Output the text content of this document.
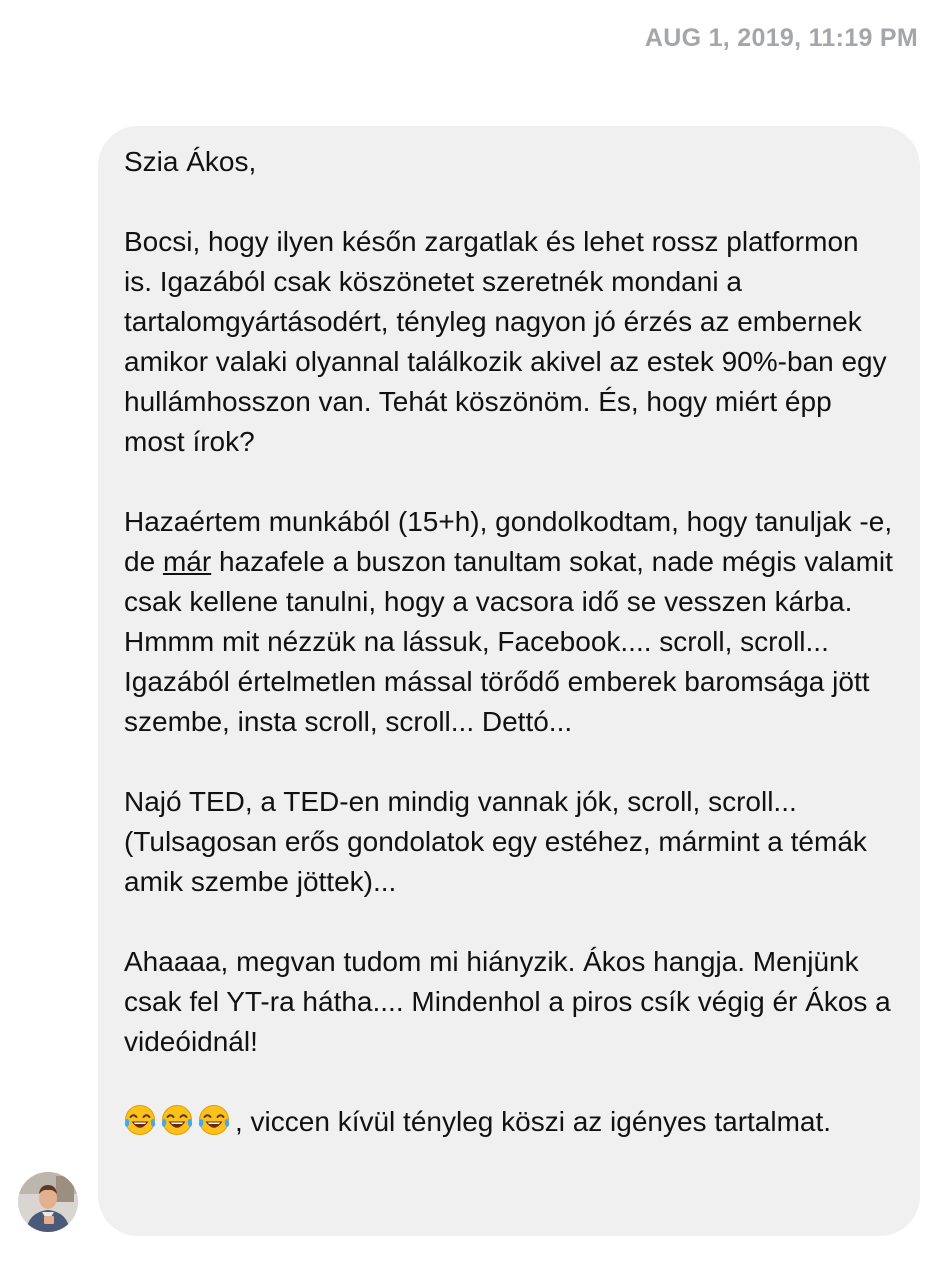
AUG 1, 2019, 11:19 PM

Szia Ákos,

Bocsi, hogy ilyen későn zargatlak és lehet rossz platformon is. Igazából csak köszönetet szeretnék mondani a tartalomgyártásodért, tényleg nagyon jó érzés az embernek amikor valaki olyannal találkozik akivel az estek 90%-ban egy hullámhosszon van. Tehát köszönöm. És, hogy miért épp most írok?

Hazaértem munkából (15+h), gondolkodtam, hogy tanuljak -e, de már hazafele a buszon tanultam sokat, nade mégis valamit csak kellene tanulni, hogy a vacsora idő se vesszen kárba. Hmmm mit nézzük na lássuk, Facebook.... scroll, scroll... Igazából értelmetlen mással törődő emberek baromsága jött szembe, insta scroll, scroll... Dettó...

Najó TED, a TED-en mindig vannak jók, scroll, scroll... (Tulsagosan erős gondolatok egy estéhez, mármint a témák amik szembe jöttek)...

Ahaaaa, megvan tudom mi hiányzik. Ákos hangja. Menjünk csak fel YT-ra hátha.... Mindenhol a piros csík végig ér Ákos a videóidnál!

, viccen kívül tényleg köszi az igényes tartalmat.
